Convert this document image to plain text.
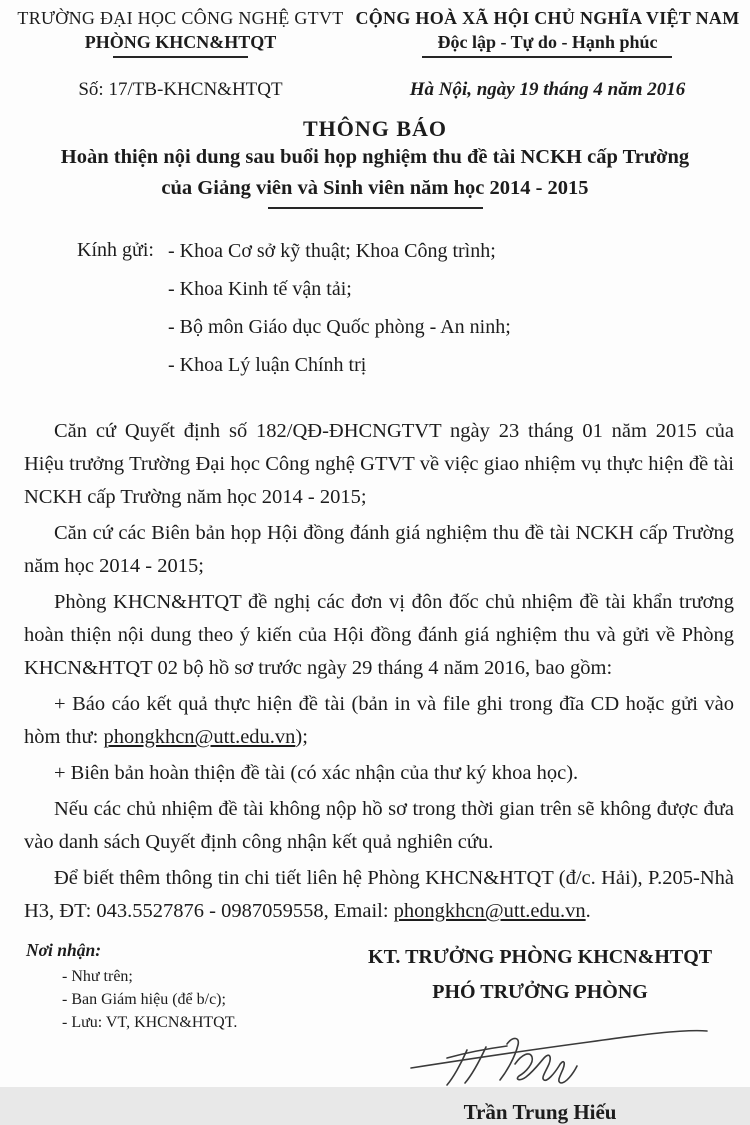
TRƯỜNG ĐẠI HỌC CÔNG NGHỆ GTVT
PHÒNG KHCN&HTQT
Số: 17/TB-KHCN&HTQT
CỘNG HOÀ XÃ HỘI CHỦ NGHĨA VIỆT NAM
Độc lập - Tự do - Hạnh phúc
Hà Nội, ngày 19 tháng 4 năm 2016
THÔNG BÁO
Hoàn thiện nội dung sau buổi họp nghiệm thu đề tài NCKH cấp Trường
của Giảng viên và Sinh viên năm học 2014 - 2015
Kính gửi: - Khoa Cơ sở kỹ thuật; Khoa Công trình;
- Khoa Kinh tế vận tải;
- Bộ môn Giáo dục Quốc phòng - An ninh;
- Khoa Lý luận Chính trị

Căn cứ Quyết định số 182/QĐ-ĐHCNGTVT ngày 23 tháng 01 năm 2015 của Hiệu trưởng Trường Đại học Công nghệ GTVT về việc giao nhiệm vụ thực hiện đề tài NCKH cấp Trường năm học 2014 - 2015;

Căn cứ các Biên bản họp Hội đồng đánh giá nghiệm thu đề tài NCKH cấp Trường năm học 2014 - 2015;

Phòng KHCN&HTQT đề nghị các đơn vị đôn đốc chủ nhiệm đề tài khẩn trương hoàn thiện nội dung theo ý kiến của Hội đồng đánh giá nghiệm thu và gửi về Phòng KHCN&HTQT 02 bộ hồ sơ trước ngày 29 tháng 4 năm 2016, bao gồm:

+ Báo cáo kết quả thực hiện đề tài (bản in và file ghi trong đĩa CD hoặc gửi vào hòm thư: phongkhcn@utt.edu.vn);

+ Biên bản hoàn thiện đề tài (có xác nhận của thư ký khoa học).

Nếu các chủ nhiệm đề tài không nộp hồ sơ trong thời gian trên sẽ không được đưa vào danh sách Quyết định công nhận kết quả nghiên cứu.

Để biết thêm thông tin chi tiết liên hệ Phòng KHCN&HTQT (đ/c. Hải), P.205-Nhà H3, ĐT: 043.5527876 - 0987059558, Email: phongkhcn@utt.edu.vn.

Nơi nhận:
- Như trên;
- Ban Giám hiệu (để b/c);
- Lưu: VT, KHCN&HTQT.
KT. TRƯỞNG PHÒNG KHCN&HTQT
PHÓ TRƯỞNG PHÒNG
Trần Trung Hiếu
